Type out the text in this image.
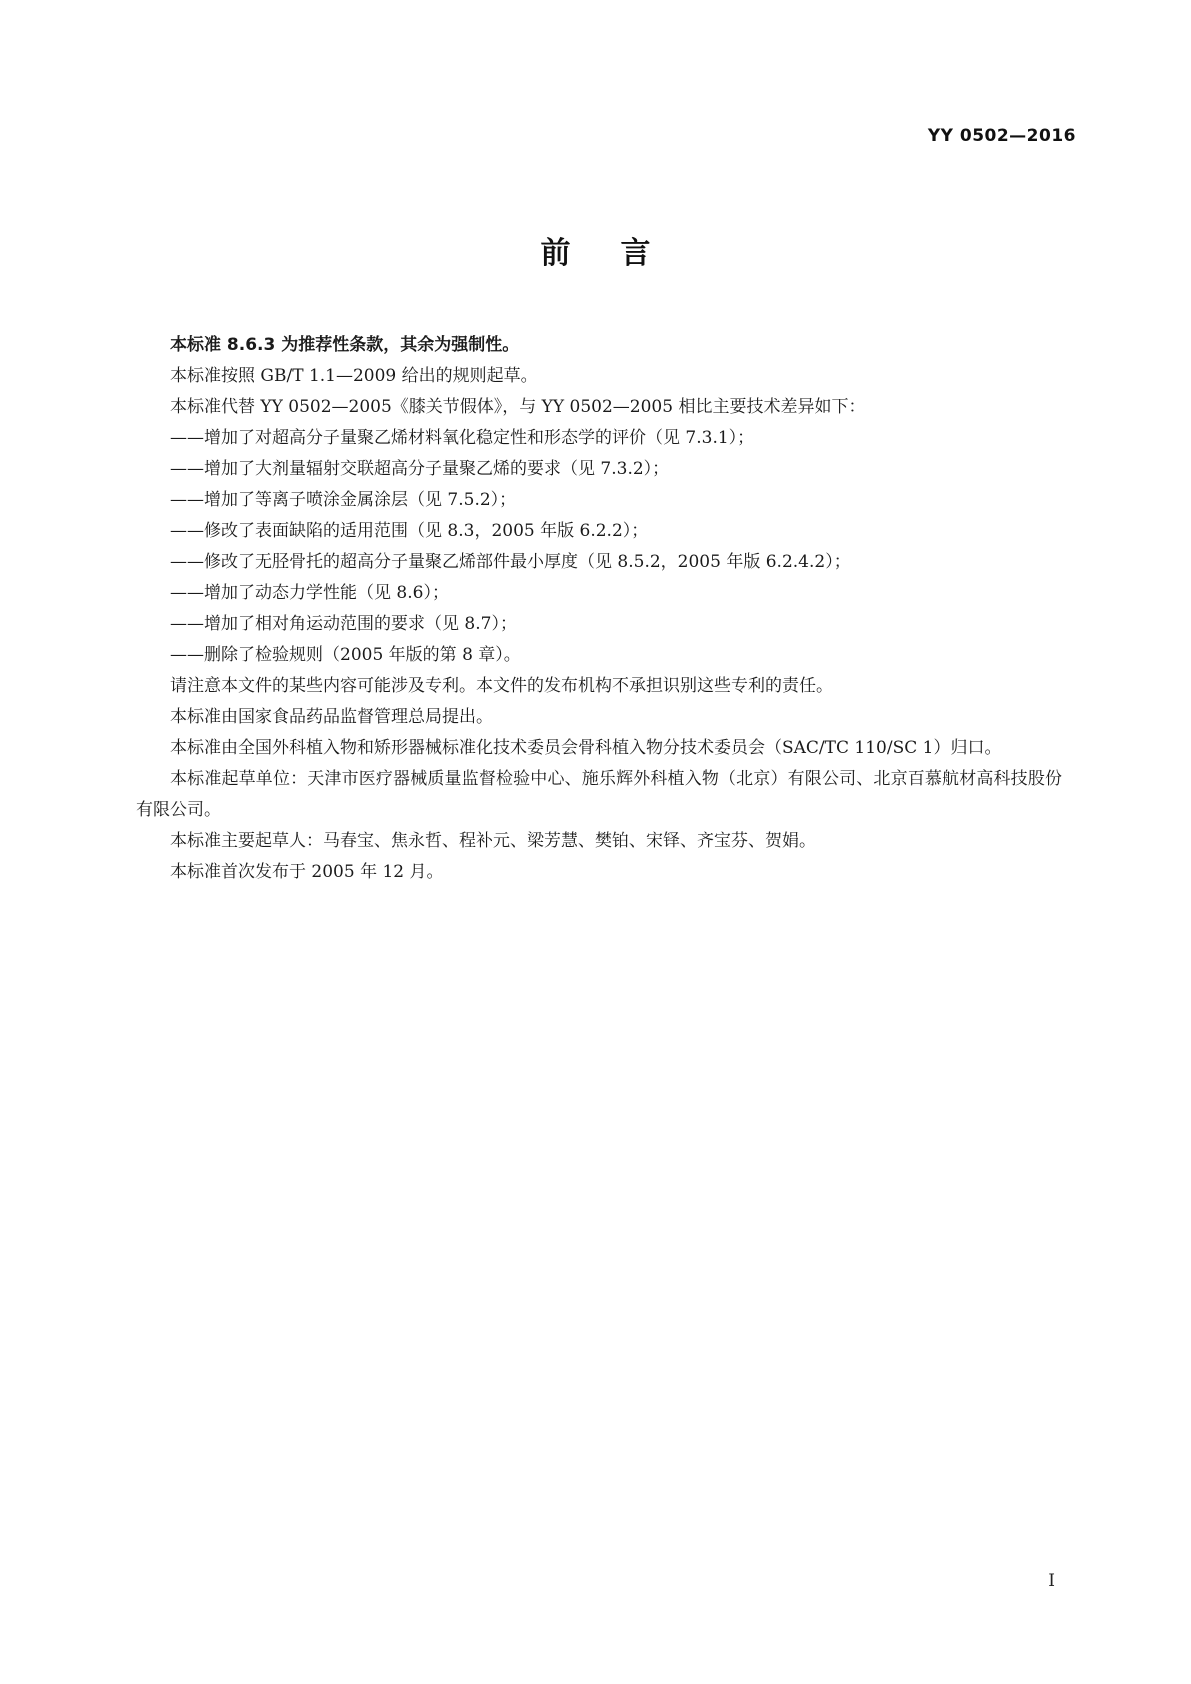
YY 0502—2016
前言

本标准 8.6.3 为推荐性条款，其余为强制性。

本标准按照 GB/T 1.1—2009 给出的规则起草。

本标准代替 YY 0502—2005《膝关节假体》，与 YY 0502—2005 相比主要技术差异如下：

——增加了对超高分子量聚乙烯材料氧化稳定性和形态学的评价（见 7.3.1）；

——增加了大剂量辐射交联超高分子量聚乙烯的要求（见 7.3.2）；

——增加了等离子喷涂金属涂层（见 7.5.2）；

——修改了表面缺陷的适用范围（见 8.3，2005 年版 6.2.2）；

——修改了无胫骨托的超高分子量聚乙烯部件最小厚度（见 8.5.2，2005 年版 6.2.4.2）；

——增加了动态力学性能（见 8.6）；

——增加了相对角运动范围的要求（见 8.7）；

——删除了检验规则（2005 年版的第 8 章）。

请注意本文件的某些内容可能涉及专利。本文件的发布机构不承担识别这些专利的责任。

本标准由国家食品药品监督管理总局提出。

本标准由全国外科植入物和矫形器械标准化技术委员会骨科植入物分技术委员会（SAC/TC 110/SC 1）归口。

本标准起草单位：天津市医疗器械质量监督检验中心、施乐辉外科植入物（北京）有限公司、北京百慕航材高科技股份有限公司。

本标准主要起草人：马春宝、焦永哲、程补元、梁芳慧、樊铂、宋铎、齐宝芬、贺娟。

本标准首次发布于 2005 年 12 月。

I
